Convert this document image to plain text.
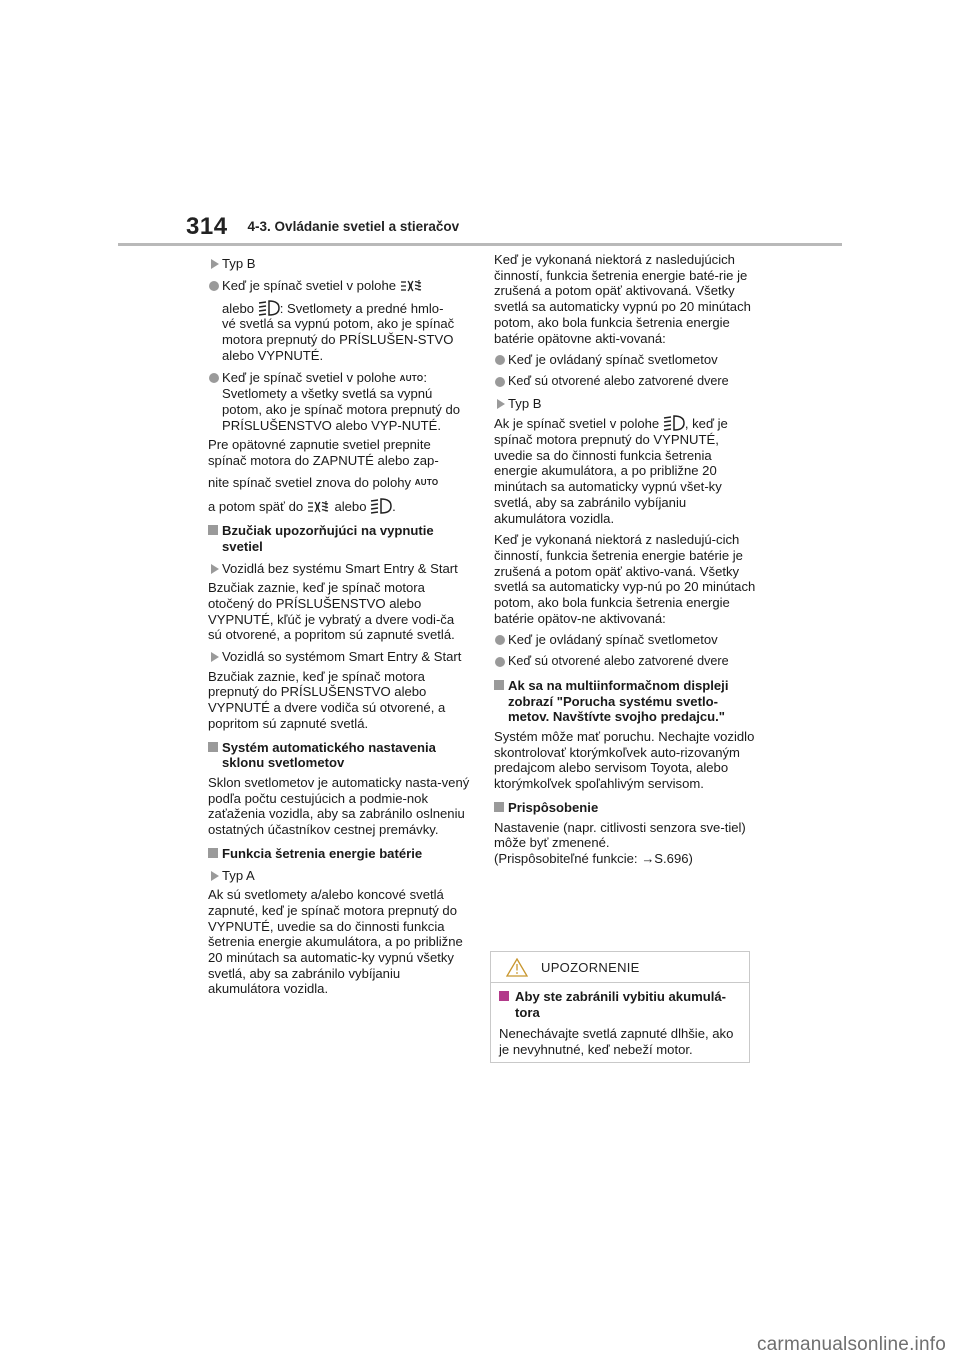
314 4-3. Ovládanie svetiel a stieračov
Typ B
Keď je spínač svetiel v polohe
alebo : Svetlomety a predné hmlo-
vé svetlá sa vypnú potom, ako je spínač motora prepnutý do PRÍSLUŠEN-STVO alebo VYPNUTÉ.
Keď je spínač svetiel v polohe AUTO: Svetlomety a všetky svetlá sa vypnú potom, ako je spínač motora prepnutý do PRÍSLUŠENSTVO alebo VYP-NUTÉ.
Pre opätovné zapnutie svetiel prepnite spínač motora do ZAPNUTÉ alebo zap-
nite spínač svetiel znova do polohy AUTO
a potom späť do  alebo .
Bzučiak upozorňujúci na vypnutie svetiel
Vozidlá bez systému Smart Entry & Start
Bzučiak zaznie, keď je spínač motora otočený do PRÍSLUŠENSTVO alebo VYPNUTÉ, kľúč je vybratý a dvere vodi-ča sú otvorené, a popritom sú zapnuté svetlá.
Vozidlá so systémom Smart Entry & Start
Bzučiak zaznie, keď je spínač motora prepnutý do PRÍSLUŠENSTVO alebo VYPNUTÉ a dvere vodiča sú otvorené, a popritom sú zapnuté svetlá.
Systém automatického nastavenia sklonu svetlometov
Sklon svetlometov je automaticky nasta-vený podľa počtu cestujúcich a podmie-nok zaťaženia vozidla, aby sa zabránilo oslneniu ostatných účastníkov cestnej premávky.
Funkcia šetrenia energie batérie
Typ A
Ak sú svetlomety a/alebo koncové svetlá zapnuté, keď je spínač motora prepnutý do VYPNUTÉ, uvedie sa do činnosti funkcia šetrenia energie akumulátora, a po približne 20 minútach sa automatic-ky vypnú všetky svetlá, aby sa zabránilo vybíjaniu akumulátora vozidla.
Keď je vykonaná niektorá z nasledujúcich činností, funkcia šetrenia energie baté-rie je zrušená a potom opäť aktivovaná. Všetky svetlá sa automaticky vypnú po 20 minútach potom, ako bola funkcia šetrenia energie batérie opätovne akti-vovaná:
Keď je ovládaný spínač svetlometov
Keď sú otvorené alebo zatvorené dvere
Typ B
Ak je spínač svetiel v polohe , keď je spínač motora prepnutý do VYPNUTÉ, uvedie sa do činnosti funkcia šetrenia energie akumulátora, a po približne 20 minútach sa automaticky vypnú všet-ky svetlá, aby sa zabránilo vybíjaniu akumulátora vozidla.
Keď je vykonaná niektorá z nasledujú-cich činností, funkcia šetrenia energie batérie je zrušená a potom opäť aktivo-vaná. Všetky svetlá sa automaticky vyp-nú po 20 minútach potom, ako bola funkcia šetrenia energie batérie opätov-ne aktivovaná:
Keď je ovládaný spínač svetlometov
Keď sú otvorené alebo zatvorené dvere
Ak sa na multiinformačnom displeji zobrazí "Porucha systému svetlo-metov. Navštívte svojho predajcu."
Systém môže mať poruchu. Nechajte vozidlo skontrolovať ktorýmkoľvek auto-rizovaným predajcom alebo servisom Toyota, alebo ktorýmkoľvek spoľahlivým servisom.
Prispôsobenie
Nastavenie (napr. citlivosti senzora sve-tiel) môže byť zmenené.
(Prispôsobiteľné funkcie: →S.696)
UPOZORNENIE
Aby ste zabránili vybitiu akumulá-tora
Nenechávajte svetlá zapnuté dlhšie, ako je nevyhnutné, keď nebeží motor.
carmanualsonline.info
